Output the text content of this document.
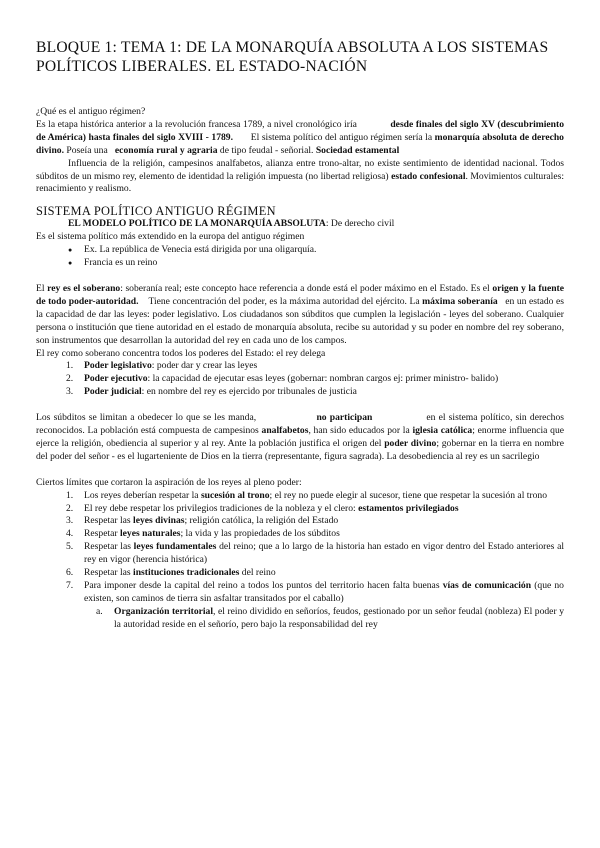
BLOQUE 1: TEMA 1: DE LA MONARQUÍA ABSOLUTA A LOS SISTEMAS POLÍTICOS LIBERALES. EL ESTADO-NACIÓN

¿Qué es el antiguo régimen?

Es la etapa histórica anterior a la revolución francesa 1789, a nivel cronológico iría	desde finales del siglo XV (descubrimiento de América) hasta finales del siglo XVIII - 1789. El sistema político del antiguo régimen sería la monarquía absoluta de derecho divino. Poseía una economía rural y agraria de tipo feudal - señorial. Sociedad estamental

Influencia de la religión, campesinos analfabetos, alianza entre trono-altar, no existe sentimiento de identidad nacional. Todos súbditos de un mismo rey, elemento de identidad la religión impuesta (no libertad religiosa) estado confesional. Movimientos culturales: renacimiento y realismo.

SISTEMA POLÍTICO ANTIGUO RÉGIMEN

EL MODELO POLÍTICO DE LA MONARQUÍA ABSOLUTA: De derecho civil

Es el sistema político más extendido en la europa del antiguo régimen

● Ex. La república de Venecia está dirigida por una oligarquía.
● Francia es un reino

El rey es el soberano: soberanía real; este concepto hace referencia a donde está el poder máximo en el Estado. Es el origen y la fuente de todo poder-autoridad. Tiene concentración del poder, es la máxima autoridad del ejército. La máxima soberanía en un estado es la capacidad de dar las leyes: poder legislativo. Los ciudadanos son súbditos que cumplen la legislación - leyes del soberano. Cualquier persona o institución que tiene autoridad en el estado de monarquía absoluta, recibe su autoridad y su poder en nombre del rey soberano, son instrumentos que desarrollan la autoridad del rey en cada uno de los campos.

El rey como soberano concentra todos los poderes del Estado: el rey delega

1. Poder legislativo: poder dar y crear las leyes
2. Poder ejecutivo: la capacidad de ejecutar esas leyes (gobernar: nombran cargos ej: primer ministro- balido)
3. Poder judicial: en nombre del rey es ejercido por tribunales de justicia

Los súbditos se limitan a obedecer lo que se les manda,	no participan	en el sistema político, sin derechos reconocidos. La población está compuesta de campesinos analfabetos, han sido educados por la iglesia católica; enorme influencia que ejerce la religión, obediencia al superior y al rey. Ante la población justifica el origen del poder divino; gobernar en la tierra en nombre del poder del señor - es el lugarteniente de Dios en la tierra (representante, figura sagrada). La desobediencia al rey es un sacrilegio

Ciertos límites que cortaron la aspiración de los reyes al pleno poder:

1. Los reyes deberían respetar la sucesión al trono; el rey no puede elegir al sucesor, tiene que respetar la sucesión al trono
2. El rey debe respetar los privilegios tradiciones de la nobleza y el clero: estamentos privilegiados
3. Respetar las leyes divinas; religión católica, la religión del Estado
4. Respetar leyes naturales; la vida y las propiedades de los súbditos
5. Respetar las leyes fundamentales del reino; que a lo largo de la historia han estado en vigor dentro del Estado anteriores al rey en vigor (herencia histórica)
6. Respetar las instituciones tradicionales del reino
7. Para imponer desde la capital del reino a todos los puntos del territorio hacen falta buenas vías de comunicación (que no existen, son caminos de tierra sin asfaltar transitados por el caballo)
a. Organización territorial, el reino dividido en señoríos, feudos, gestionado por un señor feudal (nobleza) El poder y la autoridad reside en el señorío, pero bajo la responsabilidad del rey
